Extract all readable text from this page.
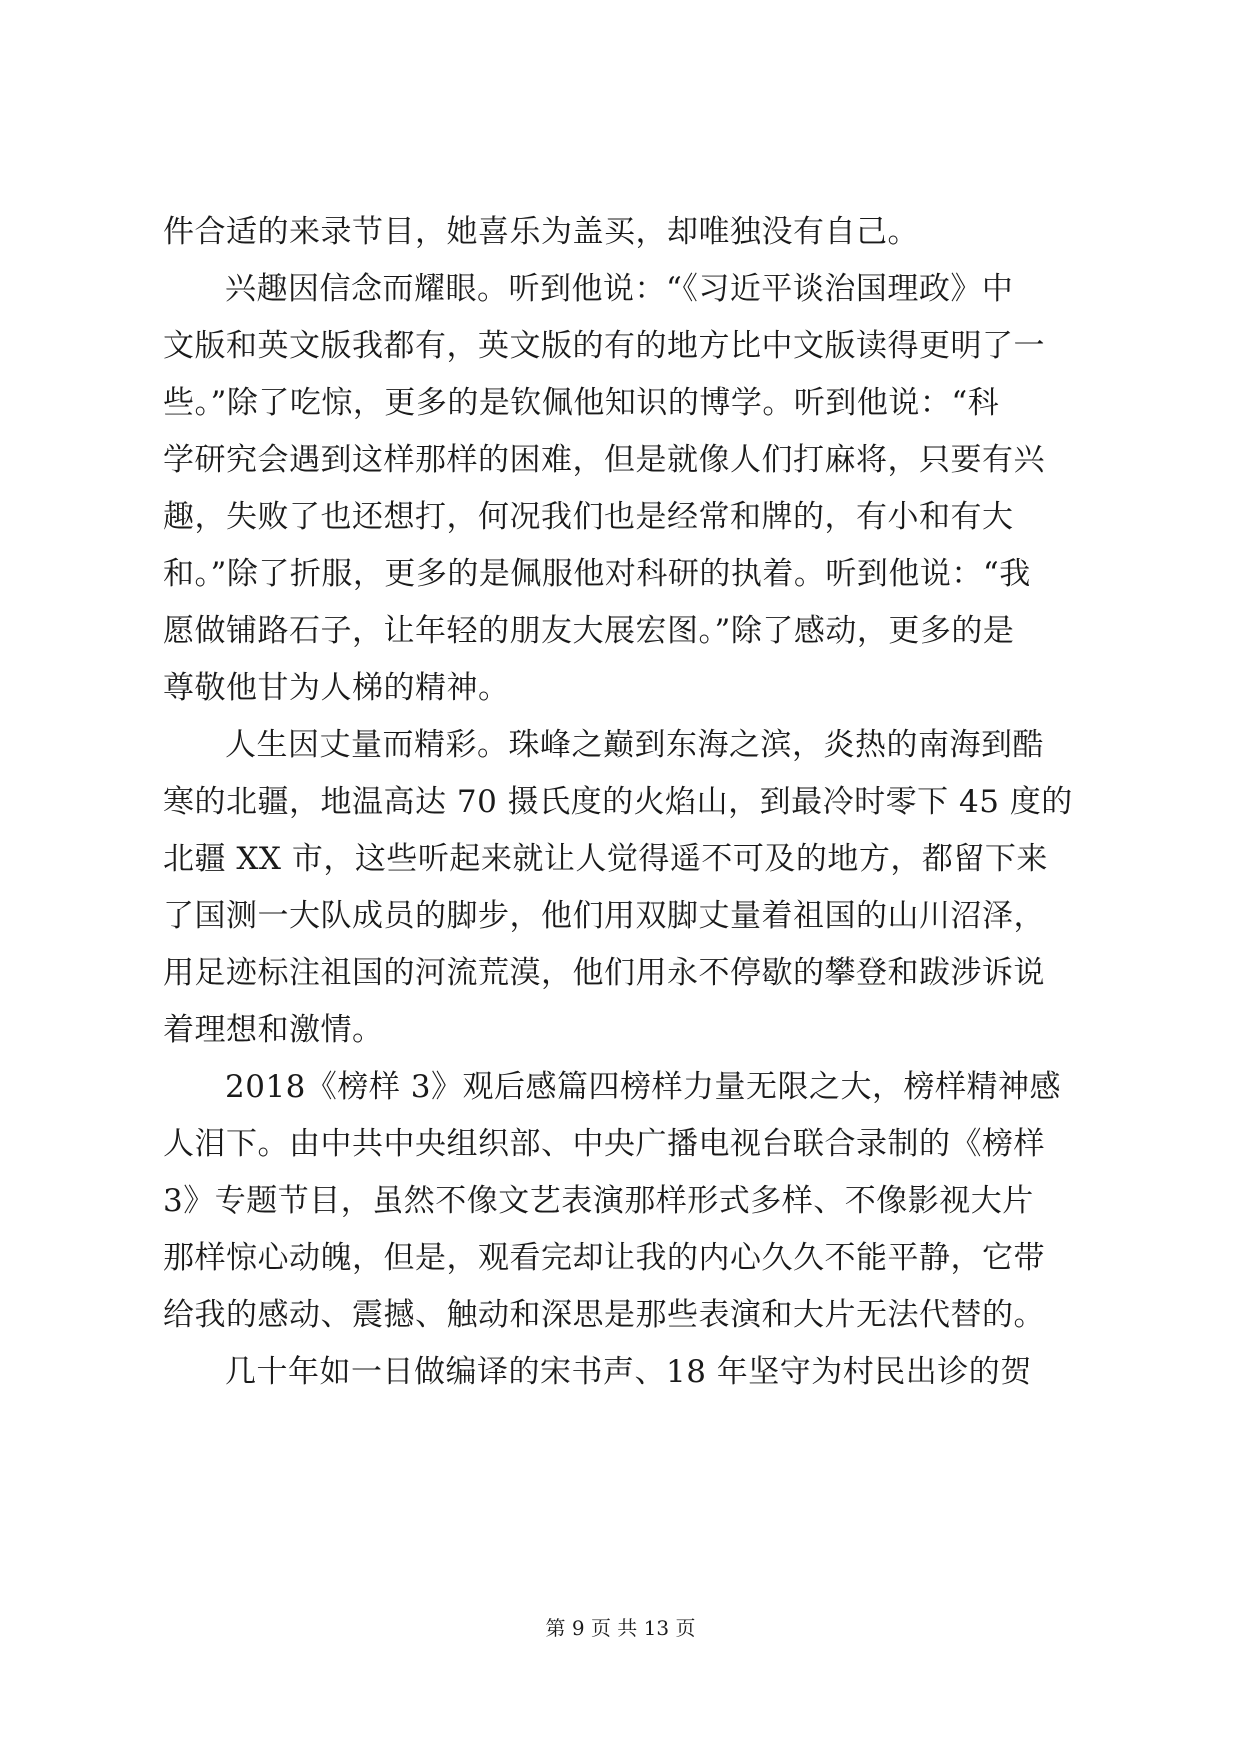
件合适的来录节目，她喜乐为盖买，却唯独没有自己。
兴趣因信念而耀眼。听到他说：“《习近平谈治国理政》中
文版和英文版我都有，英文版的有的地方比中文版读得更明了一
些。”除了吃惊，更多的是钦佩他知识的博学。听到他说：“科
学研究会遇到这样那样的困难，但是就像人们打麻将，只要有兴
趣，失败了也还想打，何况我们也是经常和牌的，有小和有大
和。”除了折服，更多的是佩服他对科研的执着。听到他说：“我
愿做铺路石子，让年轻的朋友大展宏图。”除了感动，更多的是
尊敬他甘为人梯的精神。
人生因丈量而精彩。珠峰之巅到东海之滨，炎热的南海到酷
寒的北疆，地温高达 70 摄氏度的火焰山，到最冷时零下 45 度的
北疆 XX 市，这些听起来就让人觉得遥不可及的地方，都留下来
了国测一大队成员的脚步，他们用双脚丈量着祖国的山川沼泽，
用足迹标注祖国的河流荒漠，他们用永不停歇的攀登和跋涉诉说
着理想和激情。
2018《榜样 3》观后感篇四榜样力量无限之大，榜样精神感
人泪下。由中共中央组织部、中央广播电视台联合录制的《榜样
3》专题节目，虽然不像文艺表演那样形式多样、不像影视大片
那样惊心动魄，但是，观看完却让我的内心久久不能平静，它带
给我的感动、震撼、触动和深思是那些表演和大片无法代替的。
几十年如一日做编译的宋书声、18 年坚守为村民出诊的贺
第 9 页 共 13 页
